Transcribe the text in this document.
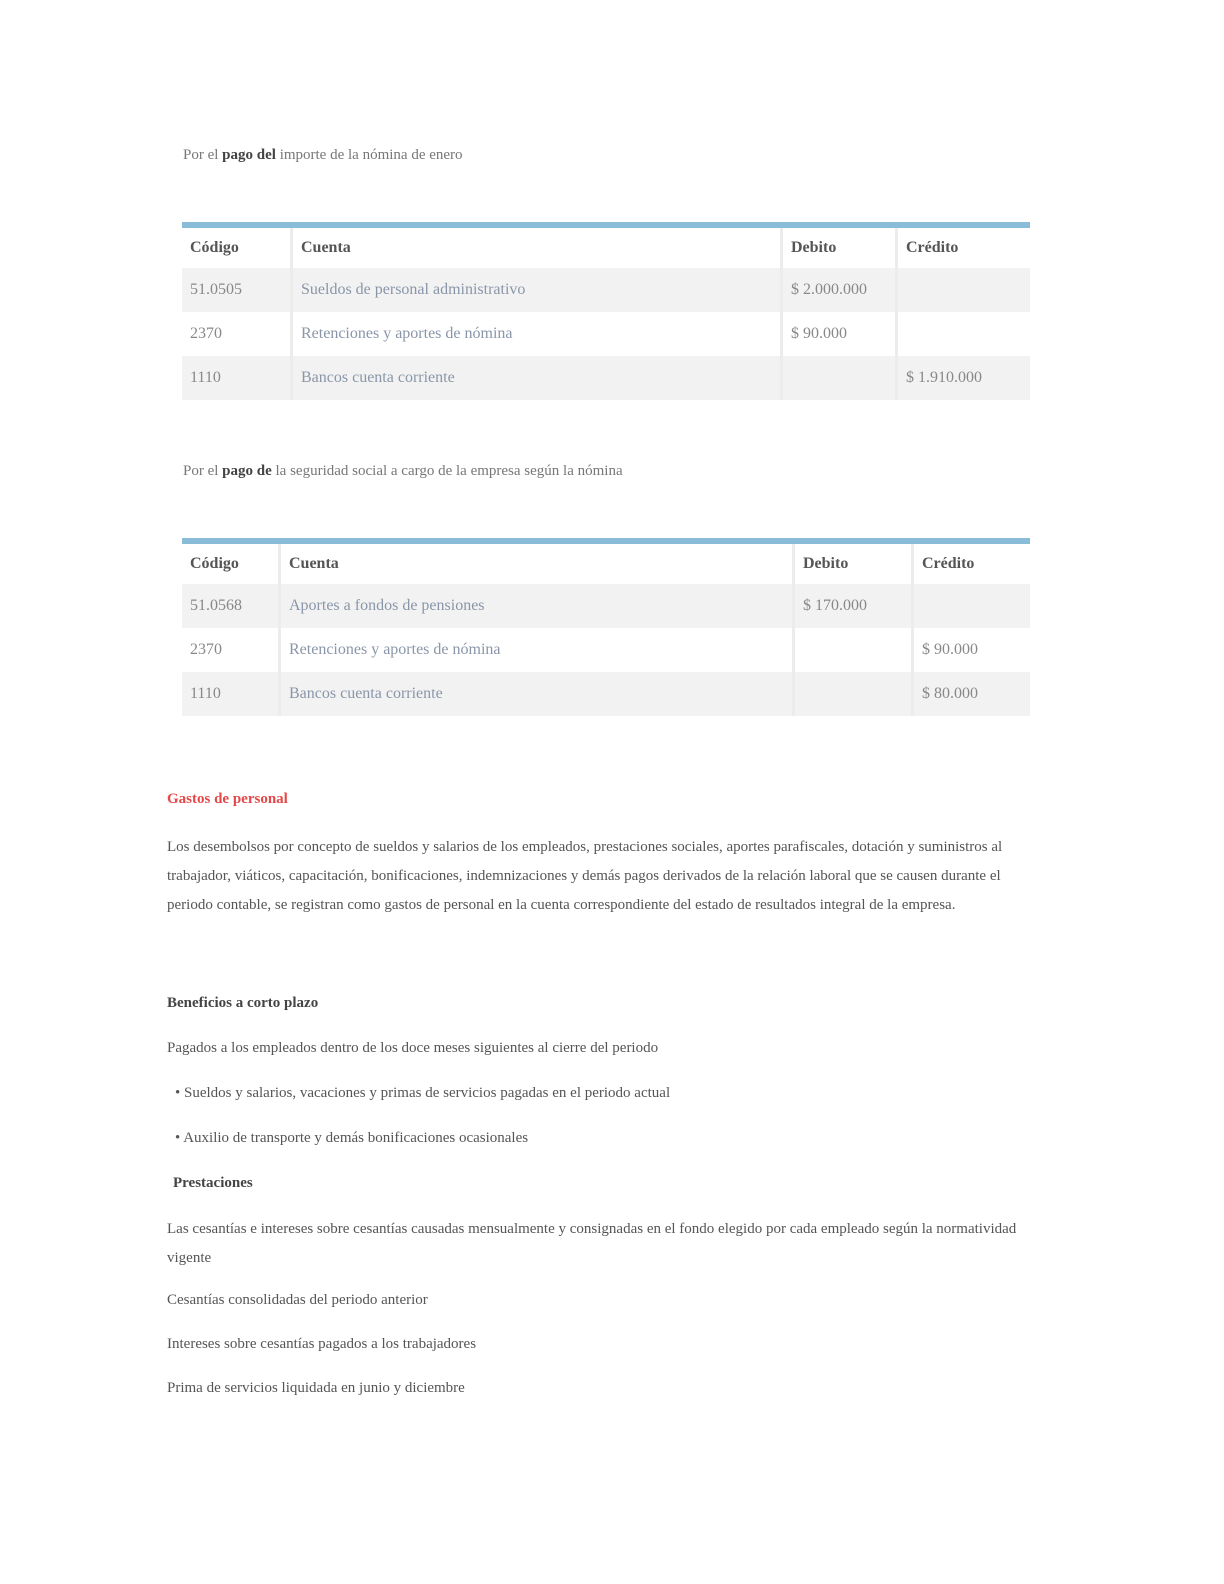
Por el pago del importe de la nómina de enero
Código	Cuenta	Debito	Crédito
51.0505	Sueldos de personal administrativo	$ 2.000.000	
2370	Retenciones y aportes de nómina	$ 90.000	
1110	Bancos cuenta corriente		$ 1.910.000
Por el pago de la seguridad social a cargo de la empresa según la nómina
Código	Cuenta	Debito	Crédito
51.0568	Aportes a fondos de pensiones	$ 170.000	
2370	Retenciones y aportes de nómina		$ 90.000
1110	Bancos cuenta corriente		$ 80.000
Gastos de personal
Los desembolsos por concepto de sueldos y salarios de los empleados, prestaciones sociales, aportes parafiscales, dotación y suministros al trabajador, viáticos, capacitación, bonificaciones, indemnizaciones y demás pagos derivados de la relación laboral que se causen durante el periodo contable, se registran como gastos de personal en la cuenta correspondiente del estado de resultados integral de la empresa.
Beneficios a corto plazo
Pagados a los empleados dentro de los doce meses siguientes al cierre del periodo
• Sueldos y salarios, vacaciones y primas de servicios pagadas en el periodo actual
• Auxilio de transporte y demás bonificaciones ocasionales
Prestaciones
Las cesantías e intereses sobre cesantías causadas mensualmente y consignadas en el fondo elegido por cada empleado según la normatividad vigente
Cesantías consolidadas del periodo anterior
Intereses sobre cesantías pagados a los trabajadores
Prima de servicios liquidada en junio y diciembre
